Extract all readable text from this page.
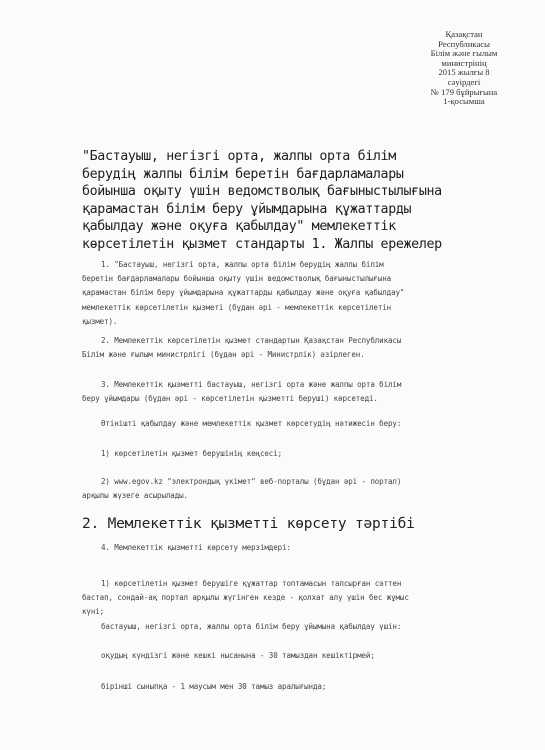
Қазақстан
Республикасы
Білім және ғылым
министрінің
2015 жылғы 8
сәуірдегі
№ 179 бұйрығына
1-қосымша
"Бастауыш, негізгі орта, жалпы орта білім
берудің жалпы білім беретін бағдарламалары
бойынша оқыту үшін ведомстволық бағыныстылығына
қарамастан білім беру ұйымдарына құжаттарды
қабылдау және оқуға қабылдау" мемлекеттік
көрсетілетін қызмет стандарты 1. Жалпы ережелер
1. "Бастауыш, негізгі орта, жалпы орта білім берудің жалпы білім
беретін бағдарламалары бойынша оқыту үшін ведомстволық бағыныстылығына
қарамастан білім беру ұйымдарына құжаттарды қабылдау және оқуға қабылдау"
мемлекеттік көрсетілетін қызметі (бұдан әрі - мемлекеттік көрсетілетін
қызмет).
2. Мемлекеттік көрсетілетін қызмет стандартын Қазақстан Республикасы
Білім және ғылым министрлігі (бұдан әрі - Министрлік) әзірлеген.
3. Мемлекеттік қызметті бастауыш, негізгі орта және жалпы орта білім
беру ұйымдары (бұдан әрі - көрсетілетін қызметті беруші) көрсетеді.
Өтінішті қабылдау және мемлекеттік қызмет көрсетудің нәтижесін беру:
1) көрсетілетін қызмет берушінің кеңсесі;
2) www.egov.kz "электрондық үкімет" веб-порталы (бұдан әрі - портал)
арқылы жүзеге асырылады.
2. Мемлекеттік қызметті көрсету тәртібі
4. Мемлекеттік қызметті көрсету мерзімдері:
1) көрсетілетін қызмет берушіге құжаттар топтамасын тапсырған сәттен
бастап, сондай-ақ портал арқылы жүгінген кезде - қолхат алу үшін бес жұмыс
күні;
бастауыш, негізгі орта, жалпы орта білім беру ұйымына қабылдау үшін:
оқудың күндізгі және кешкі нысанына - 30 тамыздан кешіктірмей;
бірінші сыныпқа - 1 маусым мен 30 тамыз аралығында;
